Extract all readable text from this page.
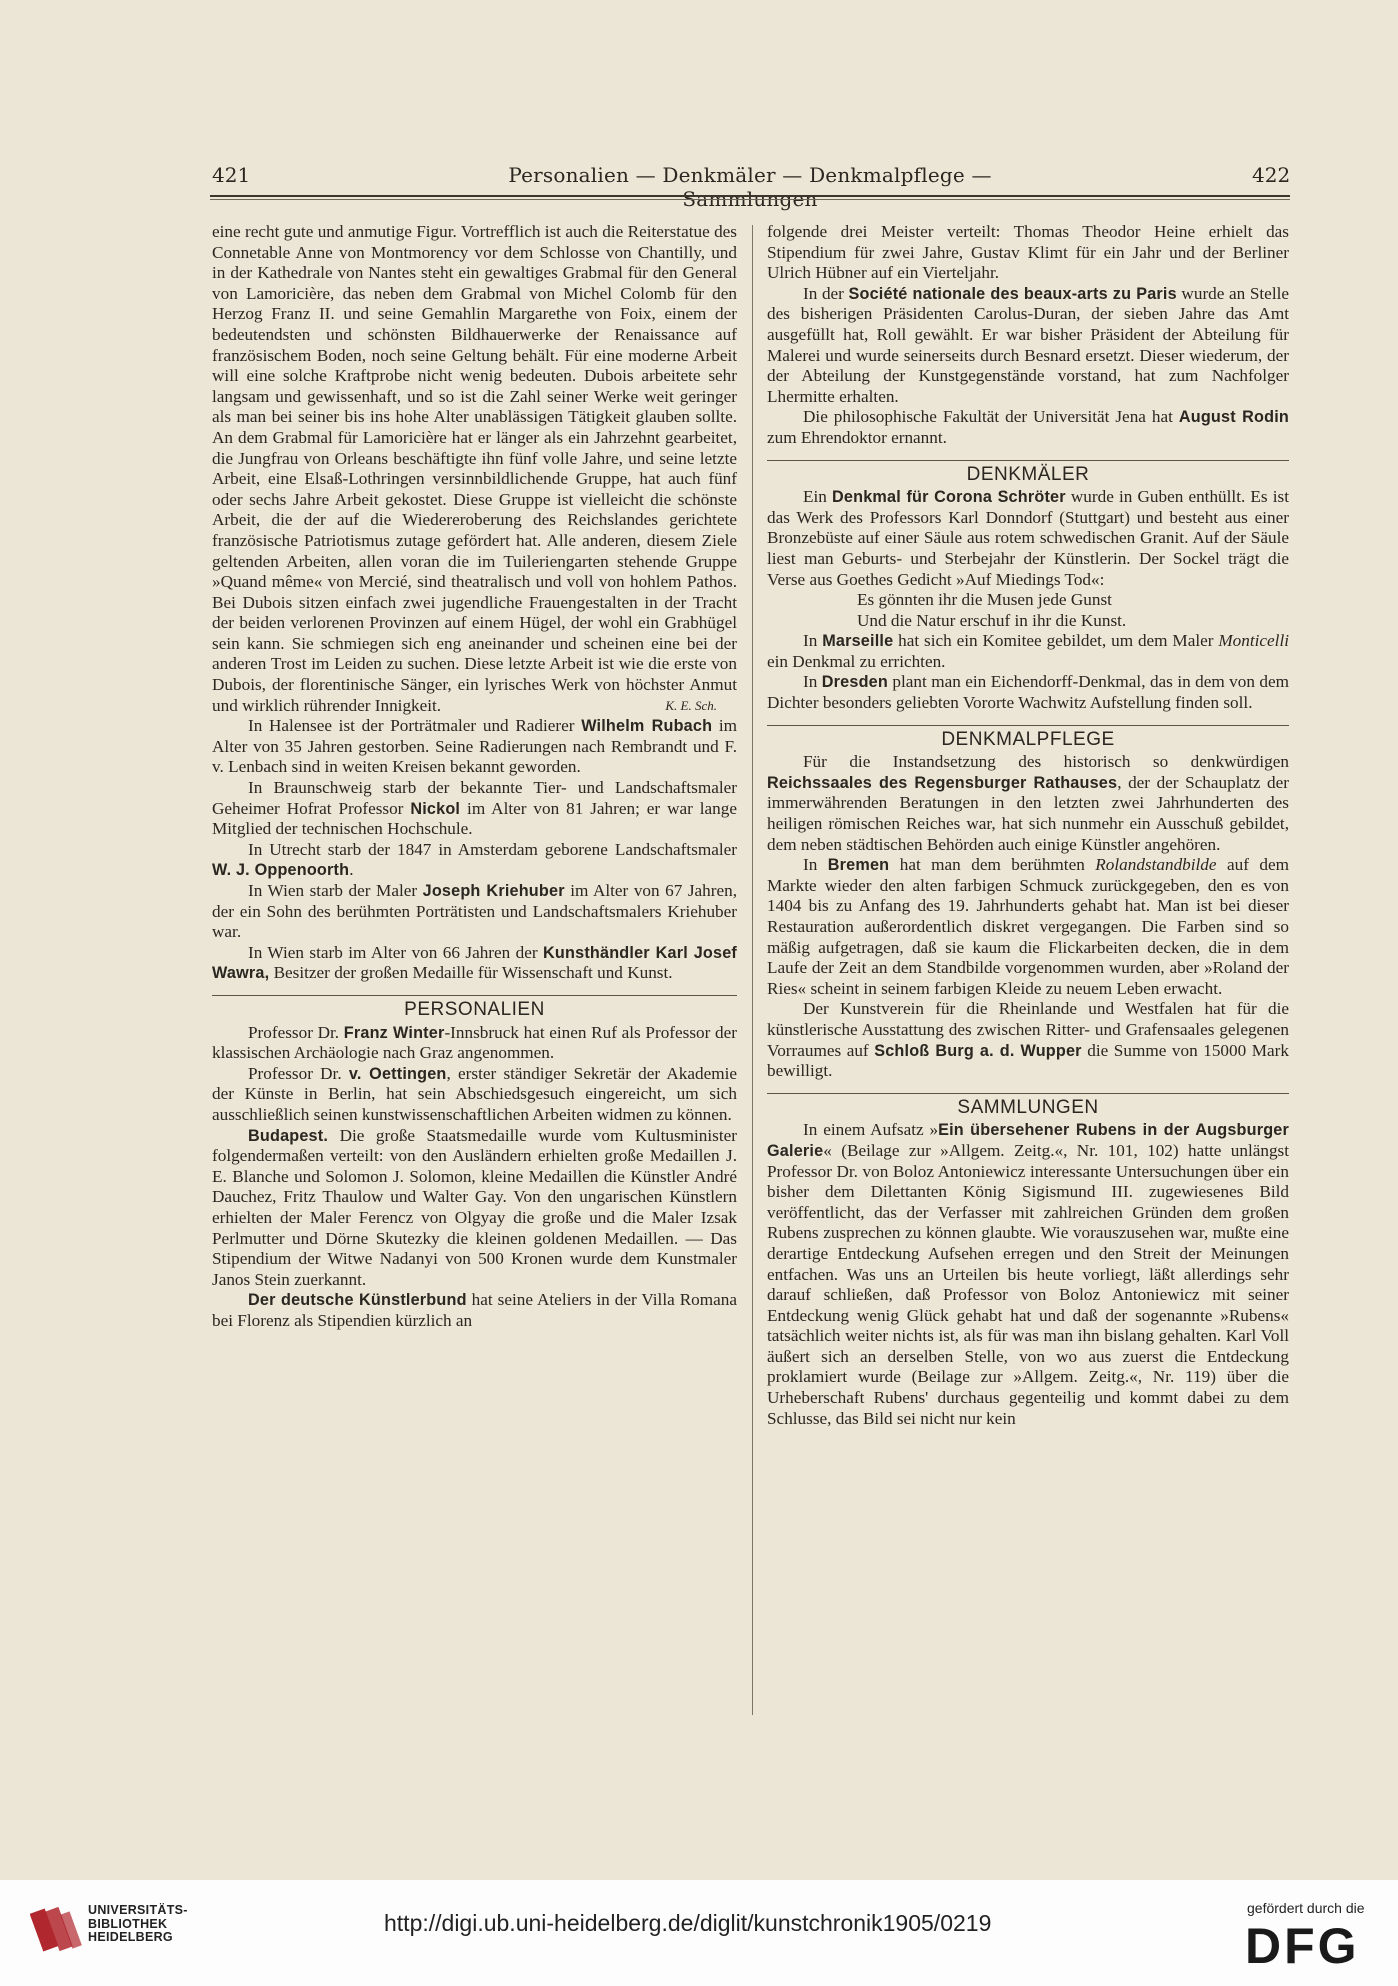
421	Personalien — Denkmäler — Denkmalpflege —	422

eine recht gute und anmutige Figur. Vortrefflich ist auch die Reiterstatue des Connetable Anne von Montmorency vor dem Schlosse von Chantilly, und in der Kathedrale von Nantes steht ein gewaltiges Grabmal für den General von Lamoricière, das neben dem Grabmal von Michel Colomb für den Herzog Franz II. und seine Gemahlin Margarethe von Foix, einem der bedeutendsten und schönsten Bildhauerwerke der Renaissance auf französischem Boden, noch seine Geltung behält. Für eine moderne Arbeit will eine solche Kraftprobe nicht wenig bedeuten. Dubois arbeitete sehr langsam und gewissenhaft, und so ist die Zahl seiner Werke weit geringer als man bei seiner bis ins hohe Alter unablässigen Tätigkeit glauben sollte. An dem Grabmal für Lamoricière hat er länger als ein Jahrzehnt gearbeitet, die Jungfrau von Orleans beschäftigte ihn fünf volle Jahre, und seine letzte Arbeit, eine Elsaß-Lothringen versinnbildlichende Gruppe, hat auch fünf oder sechs Jahre Arbeit gekostet. Diese Gruppe ist vielleicht die schönste Arbeit, die der auf die Wiedereroberung des Reichslandes gerichtete französische Patriotismus zutage gefördert hat. Alle anderen, diesem Ziele geltenden Arbeiten, allen voran die im Tuileriengarten stehende Gruppe »Quand même« von Mercié, sind theatralisch und voll von hohlem Pathos. Bei Dubois sitzen einfach zwei jugendliche Frauengestalten in der Tracht der beiden verlorenen Provinzen auf einem Hügel, der wohl ein Grabhügel sein kann. Sie schmiegen sich eng aneinander und scheinen eine bei der anderen Trost im Leiden zu suchen. Diese letzte Arbeit ist wie die erste von Dubois, der florentinische Sänger, ein lyrisches Werk von höchster Anmut und wirklich rührender Innigkeit.	K. E. Sch.

In Halensee ist der Porträtmaler und Radierer Wilhelm Rubach im Alter von 35 Jahren gestorben. Seine Radierungen nach Rembrandt und F. v. Lenbach sind in weiten Kreisen bekannt geworden.

In Braunschweig starb der bekannte Tier- und Landschaftsmaler Geheimer Hofrat Professor Nickol im Alter von 81 Jahren; er war lange Mitglied der technischen Hochschule.

In Utrecht starb der 1847 in Amsterdam geborene Landschaftsmaler W. J. Oppenoorth.

In Wien starb der Maler Joseph Kriehuber im Alter von 67 Jahren, der ein Sohn des berühmten Porträtisten und Landschaftsmalers Kriehuber war.

In Wien starb im Alter von 66 Jahren der Kunsthändler Karl Josef Wawra, Besitzer der großen Medaille für Wissenschaft und Kunst.

PERSONALIEN

Professor Dr. Franz Winter-Innsbruck hat einen Ruf als Professor der klassischen Archäologie nach Graz angenommen.

Professor Dr. v. Oettingen, erster ständiger Sekretär der Akademie der Künste in Berlin, hat sein Abschiedsgesuch eingereicht, um sich ausschließlich seinen kunstwissenschaftlichen Arbeiten widmen zu können.

Budapest. Die große Staatsmedaille wurde vom Kultusminister folgendermaßen verteilt: von den Ausländern erhielten große Medaillen J. E. Blanche und Solomon J. Solomon, kleine Medaillen die Künstler André Dauchez, Fritz Thaulow und Walter Gay. Von den ungarischen Künstlern erhielten der Maler Ferencz von Olgyay die große und die Maler Izsak Perlmutter und Dörne Skutezky die kleinen goldenen Medaillen. — Das Stipendium der Witwe Nadanyi von 500 Kronen wurde dem Kunstmaler Janos Stein zuerkannt.

Der deutsche Künstlerbund hat seine Ateliers in der Villa Romana bei Florenz als Stipendien kürzlich an

folgende drei Meister verteilt: Thomas Theodor Heine erhielt das Stipendium für zwei Jahre, Gustav Klimt für ein Jahr und der Berliner Ulrich Hübner auf ein Vierteljahr.

In der Société nationale des beaux-arts zu Paris wurde an Stelle des bisherigen Präsidenten Carolus-Duran, der sieben Jahre das Amt ausgefüllt hat, Roll gewählt. Er war bisher Präsident der Abteilung für Malerei und wurde seinerseits durch Besnard ersetzt. Dieser wiederum, der der Abteilung der Kunstgegenstände vorstand, hat zum Nachfolger Lhermitte erhalten.

Die philosophische Fakultät der Universität Jena hat August Rodin zum Ehrendoktor ernannt.

DENKMÄLER

Ein Denkmal für Corona Schröter wurde in Guben enthüllt. Es ist das Werk des Professors Karl Donndorf (Stuttgart) und besteht aus einer Bronzebüste auf einer Säule aus rotem schwedischen Granit. Auf der Säule liest man Geburts- und Sterbejahr der Künstlerin. Der Sockel trägt die Verse aus Goethes Gedicht »Auf Miedings Tod«:

Es gönnten ihr die Musen jede Gunst

Und die Natur erschuf in ihr die Kunst.

In Marseille hat sich ein Komitee gebildet, um dem Maler Monticelli ein Denkmal zu errichten.

In Dresden plant man ein Eichendorff-Denkmal, das in dem von dem Dichter besonders geliebten Vororte Wachwitz Aufstellung finden soll.

DENKMALPFLEGE

Für die Instandsetzung des historisch so denkwürdigen Reichssaales des Regensburger Rathauses, der der Schauplatz der immerwährenden Beratungen in den letzten zwei Jahrhunderten des heiligen römischen Reiches war, hat sich nunmehr ein Ausschuß gebildet, dem neben städtischen Behörden auch einige Künstler angehören.

In Bremen hat man dem berühmten Rolandstandbilde auf dem Markte wieder den alten farbigen Schmuck zurückgegeben, den es von 1404 bis zu Anfang des 19. Jahrhunderts gehabt hat. Man ist bei dieser Restauration außerordentlich diskret vergegangen. Die Farben sind so mäßig aufgetragen, daß sie kaum die Flickarbeiten decken, die in dem Laufe der Zeit an dem Standbilde vorgenommen wurden, aber »Roland der Ries« scheint in seinem farbigen Kleide zu neuem Leben erwacht.

Der Kunstverein für die Rheinlande und Westfalen hat für die künstlerische Ausstattung des zwischen Ritter- und Grafensaales gelegenen Vorraumes auf Schloß Burg a. d. Wupper die Summe von 15000 Mark bewilligt.

SAMMLUNGEN

In einem Aufsatz »Ein übersehener Rubens in der Augsburger Galerie« (Beilage zur »Allgem. Zeitg.«, Nr. 101, 102) hatte unlängst Professor Dr. von Boloz Antoniewicz interessante Untersuchungen über ein bisher dem Dilettanten König Sigismund III. zugewiesenes Bild veröffentlicht, das der Verfasser mit zahlreichen Gründen dem großen Rubens zusprechen zu können glaubte. Wie vorauszusehen war, mußte eine derartige Entdeckung Aufsehen erregen und den Streit der Meinungen entfachen. Was uns an Urteilen bis heute vorliegt, läßt allerdings sehr darauf schließen, daß Professor von Boloz Antoniewicz mit seiner Entdeckung wenig Glück gehabt hat und daß der sogenannte »Rubens« tatsächlich weiter nichts ist, als für was man ihn bislang gehalten. Karl Voll äußert sich an derselben Stelle, von wo aus zuerst die Entdeckung proklamiert wurde (Beilage zur »Allgem. Zeitg.«, Nr. 119) über die Urheberschaft Rubens' durchaus gegenteilig und kommt dabei zu dem Schlusse, das Bild sei nicht nur kein

UNIVERSITÄTS-
BIBLIOTHEK
HEIDELBERG
http://digi.ub.uni-heidelberg.de/diglit/kunstchronik1905/0219
gefördert durch die
DFG
